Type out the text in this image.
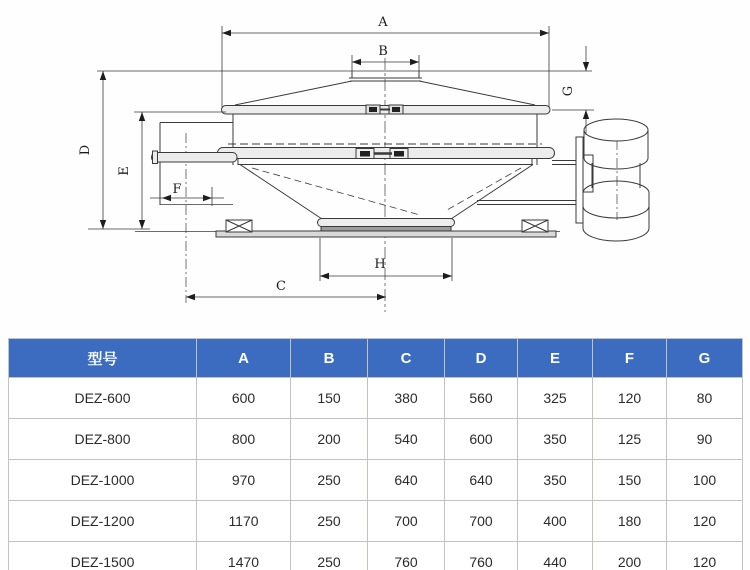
A
B
C
H
F
D
E
G
型号	A	B	C	D	E	F	G
DEZ-600	600	150	380	560	325	120	80
DEZ-800	800	200	540	600	350	125	90
DEZ-1000	970	250	640	640	350	150	100
DEZ-1200	1170	250	700	700	400	180	120
DEZ-1500	1470	250	760	760	440	200	120
